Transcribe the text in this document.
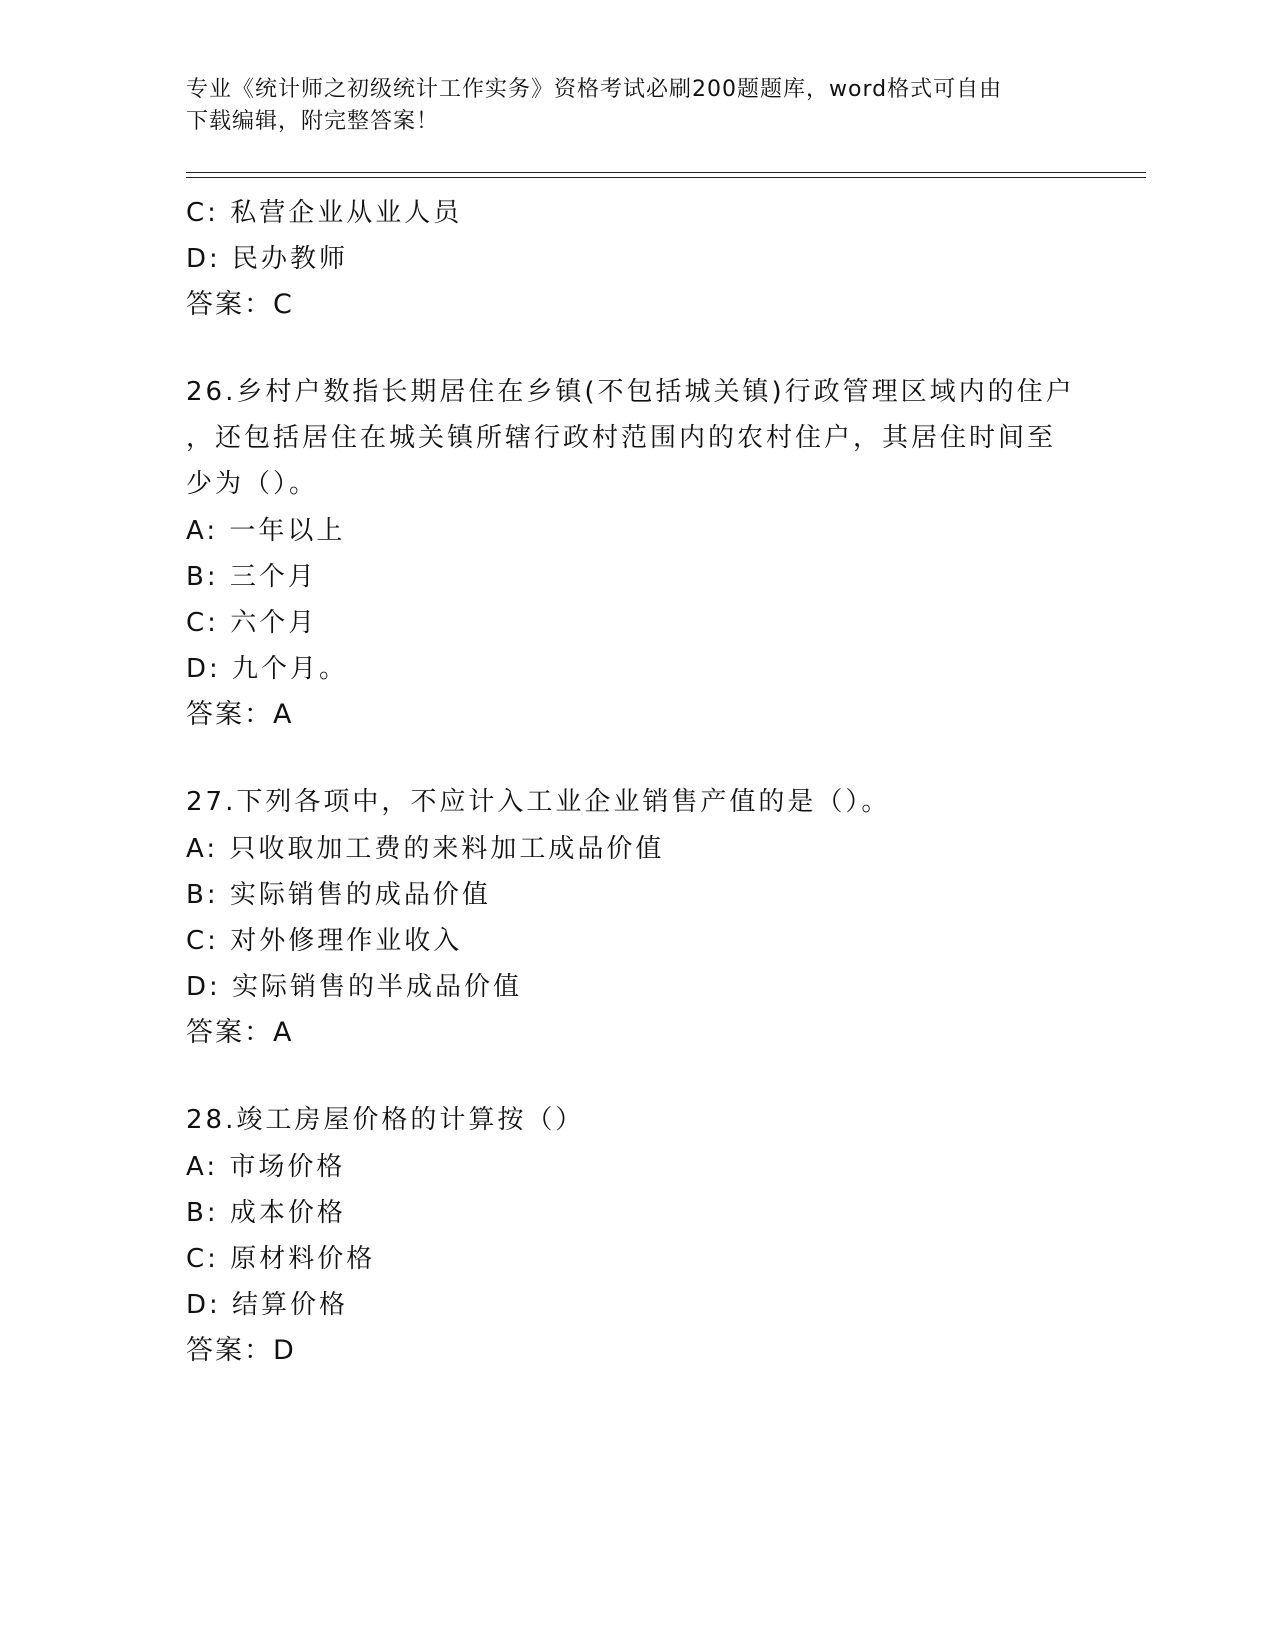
专业《统计师之初级统计工作实务》资格考试必刷200题题库，word格式可自由
下载编辑，附完整答案！
C: 私营企业从业人员
D: 民办教师
答案：C
26.乡村户数指长期居住在乡镇(不包括城关镇)行政管理区域内的住户
，还包括居住在城关镇所辖行政村范围内的农村住户，其居住时间至
少为（）。
A: 一年以上
B: 三个月
C: 六个月
D: 九个月。
答案：A
27.下列各项中，不应计入工业企业销售产值的是（）。
A: 只收取加工费的来料加工成品价值
B: 实际销售的成品价值
C: 对外修理作业收入
D: 实际销售的半成品价值
答案：A
28.竣工房屋价格的计算按（）
A: 市场价格
B: 成本价格
C: 原材料价格
D: 结算价格
答案：D
